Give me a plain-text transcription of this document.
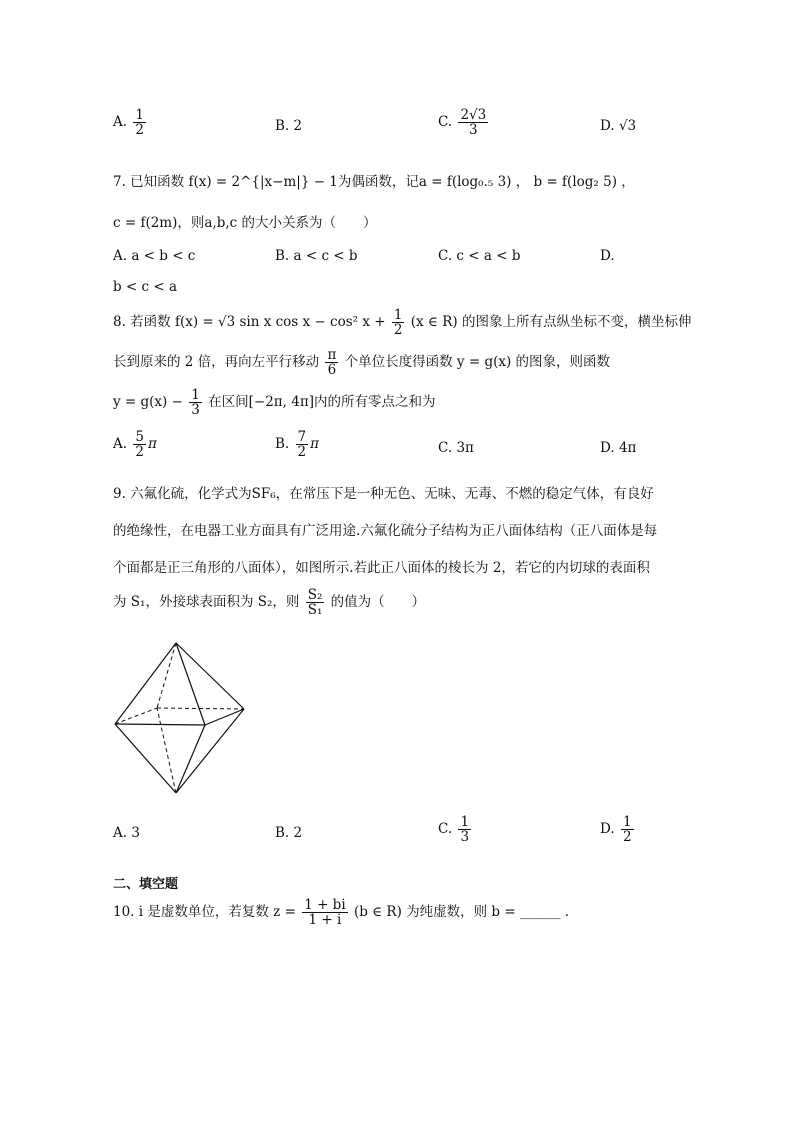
A. $\frac{1}{2}$	B. 2	C. $\frac{2√3}{3}$	D. √3
7. 已知函数 f(x) = 2^{|x−m|} − 1为偶函数，记a = f(log₀.₅ 3) ， b = f(log₂ 5) ，
c = f(2m)，则a,b,c 的大小关系为（　　）
A. a < b < c	B. a < c < b	C. c < a < b	D.
b < c < a
8. 若函数 f(x) = √3 sin x cos x − cos² $x + \frac{1}{2} (x$ ∈ R) 的图象上所有点纵坐标不变，横坐标伸
长到原来的 2 倍，再向左平行移动 $\frac{\pi}{6}$ 个单位长度得函数 y = g(x) 的图象，则函数
$y = g(x) - \frac{1}{3}$ 在区间[−2π, 4π]内的所有零点之和为
A. $\frac{5}{2}$ π	B. $\frac{7}{2}$ π	C. 3π	D. 4π
9. 六氟化硫，化学式为SF₆，在常压下是一种无色、无味、无毒、不燃的稳定气体，有良好
的绝缘性，在电器工业方面具有广泛用途.六氟化硫分子结构为正八面体结构（正八面体是每
个面都是正三角形的八面体），如图所示.若此正八面体的棱长为 2，若它的内切球的表面积
为 S₁，外接球表面积为 S₂，则 $\frac{\text{S₂}}{\text{S₁}}$ 的值为（　　）
A. 3	B. 2	C. $\frac{1}{3}$	D. $\frac{1}{2}$
二、填空题
10. i 是虚数单位，若复数 $z = \frac{1 + bi}{1 + i} (b$ ∈ R) 为纯虚数，则 b = ______ .
